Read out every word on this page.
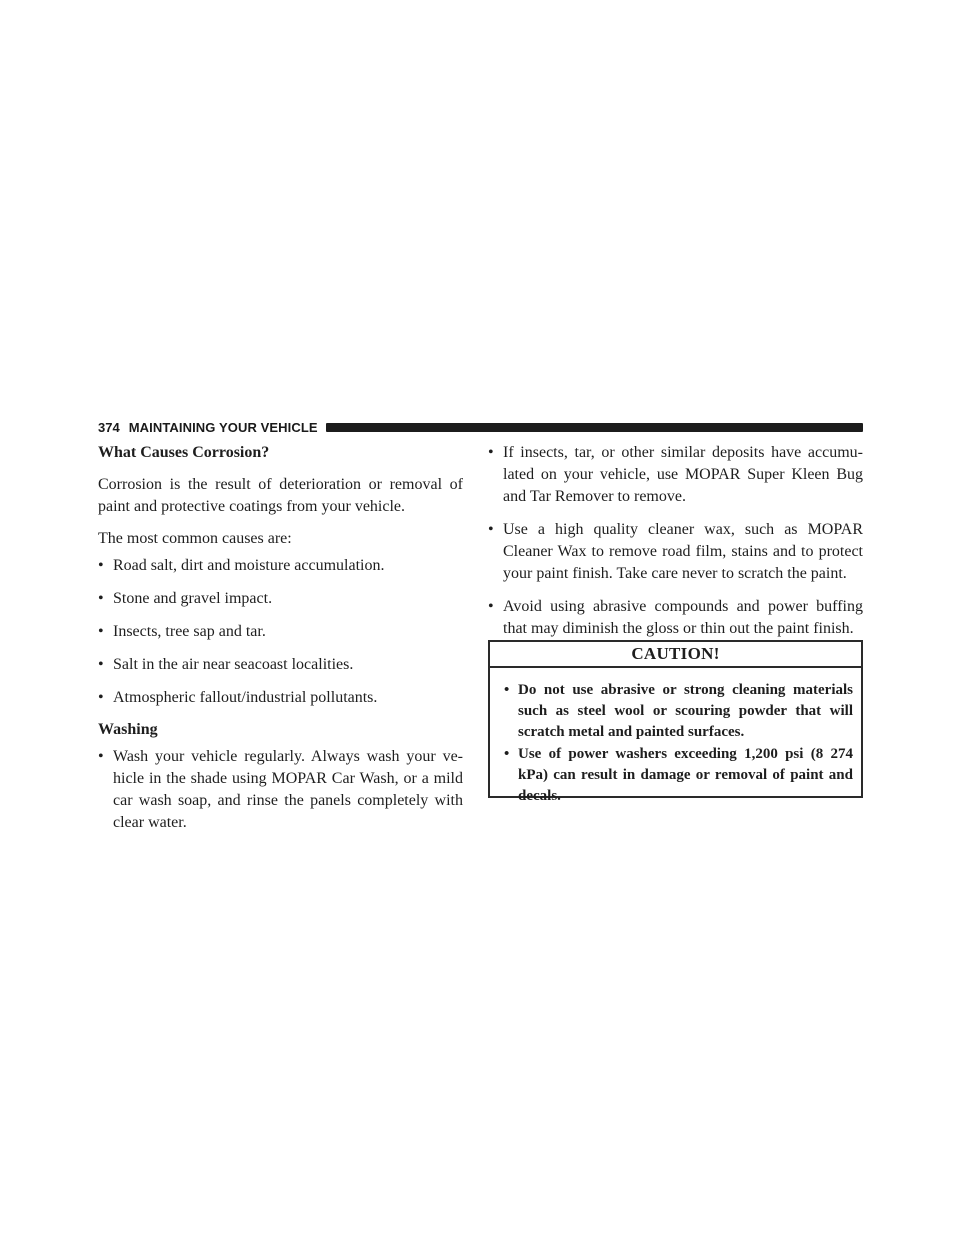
374 MAINTAINING YOUR VEHICLE

What Causes Corrosion?

Corrosion is the result of deterioration or removal of paint and protective coatings from your vehicle.

The most common causes are:

• Road salt, dirt and moisture accumulation.
• Stone and gravel impact.
• Insects, tree sap and tar.
• Salt in the air near seacoast localities.
• Atmospheric fallout/industrial pollutants.

Washing

• Wash your vehicle regularly. Always wash your ve-hicle in the shade using MOPAR Car Wash, or a mild car wash soap, and rinse the panels completely with clear water.
• If insects, tar, or other similar deposits have accumu-lated on your vehicle, use MOPAR Super Kleen Bug and Tar Remover to remove.
• Use a high quality cleaner wax, such as MOPAR Cleaner Wax to remove road film, stains and to protect your paint finish. Take care never to scratch the paint.
• Avoid using abrasive compounds and power buffing that may diminish the gloss or thin out the paint finish.
CAUTION!
• Do not use abrasive or strong cleaning materials such as steel wool or scouring powder that will scratch metal and painted surfaces.
• Use of power washers exceeding 1,200 psi (8 274 kPa) can result in damage or removal of paint and decals.
